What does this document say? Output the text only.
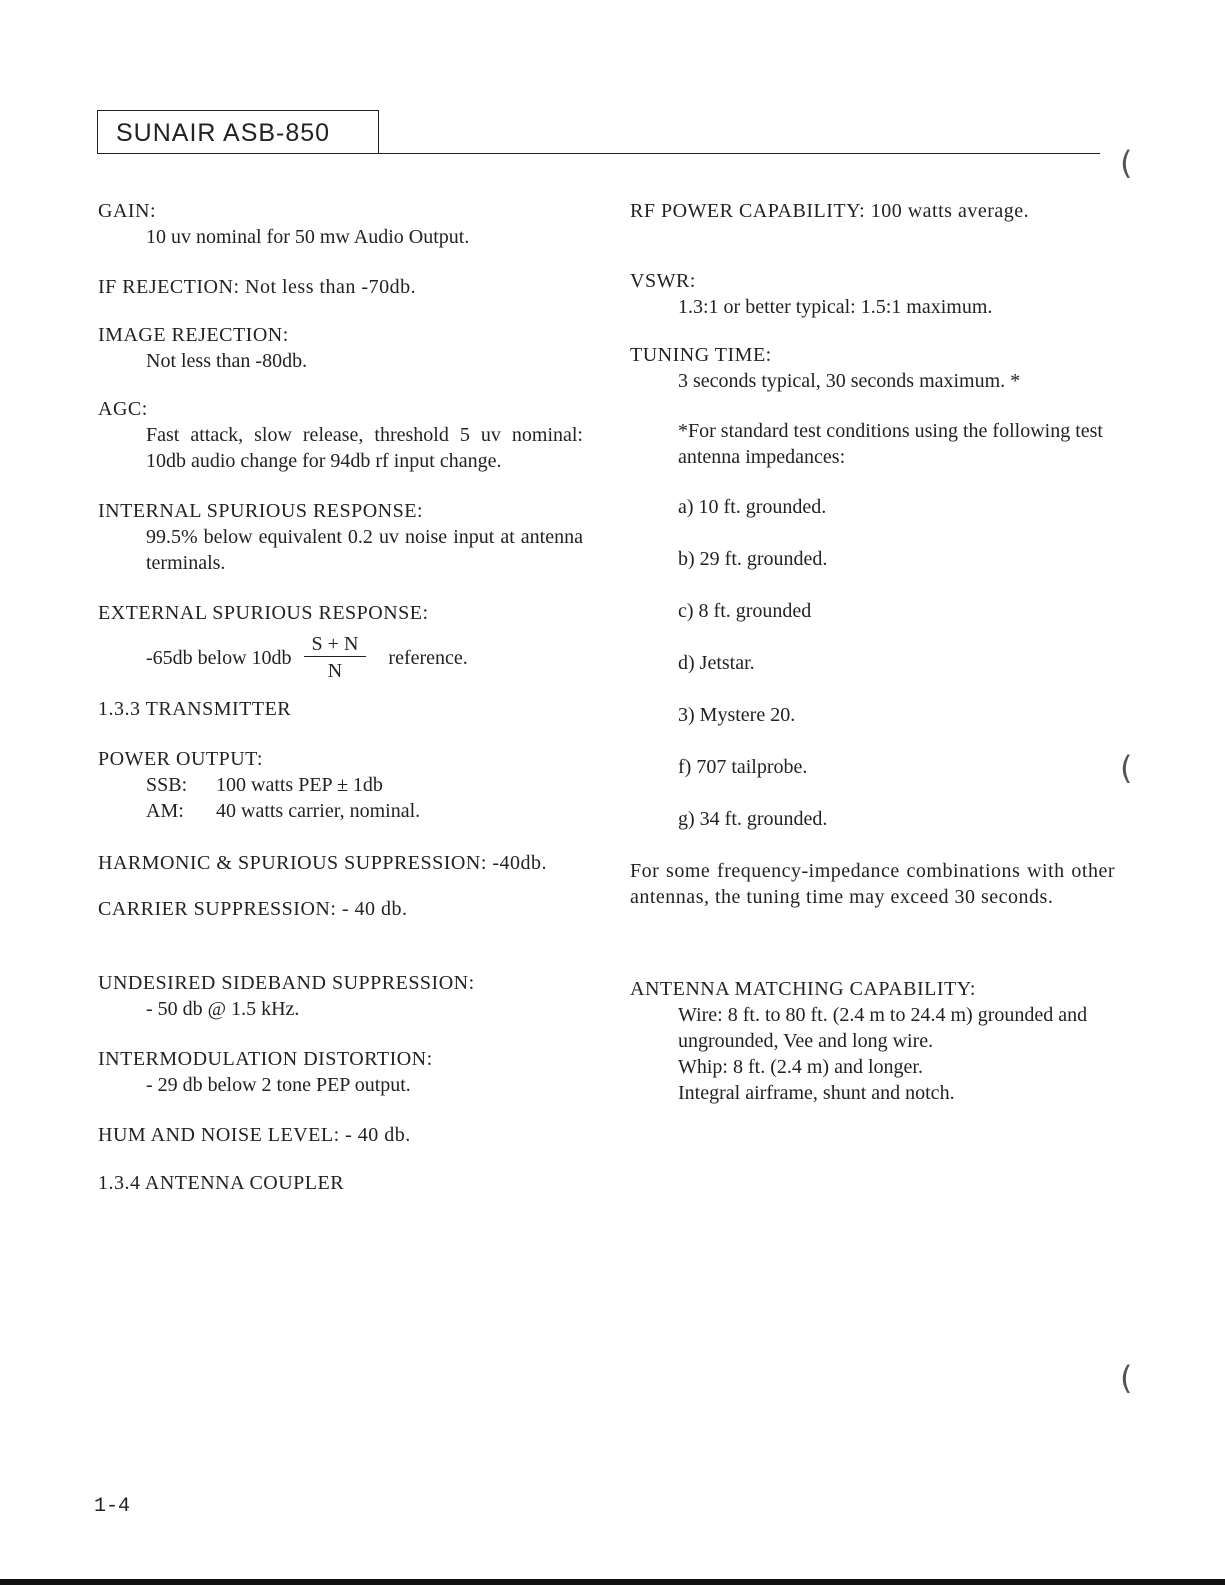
SUNAIR ASB-850

GAIN:

10 uv nominal for 50 mw Audio Output.

IF REJECTION: Not less than -70db.

IMAGE REJECTION:

Not less than -80db.

AGC:

Fast attack, slow release, threshold 5 uv nominal: 10db audio change for 94db rf input change.

INTERNAL SPURIOUS RESPONSE:

99.5% below equivalent 0.2 uv noise input at antenna terminals.

EXTERNAL SPURIOUS RESPONSE:

-65db below $10db \frac{S + N}{N}$ reference.

1.3.3 TRANSMITTER

POWER OUTPUT:

SSB:	100 watts PEP ± 1db
AM:	40 watts carrier, nominal.

HARMONIC & SPURIOUS SUPPRESSION: -40db.

CARRIER SUPPRESSION: - 40 db.

UNDESIRED SIDEBAND SUPPRESSION:

- 50 db @ 1.5 kHz.

INTERMODULATION DISTORTION:

- 29 db below 2 tone PEP output.

HUM AND NOISE LEVEL: - 40 db.

1.3.4 ANTENNA COUPLER

RF POWER CAPABILITY: 100 watts average.

VSWR:

1.3:1 or better typical: 1.5:1 maximum.

TUNING TIME:

3 seconds typical, 30 seconds maximum. *

*For standard test conditions using the following test antenna impedances:

a) 10 ft. grounded.

b) 29 ft. grounded.

c) 8 ft. grounded

d) Jetstar.

3) Mystere 20.

f) 707 tailprobe.

g) 34 ft. grounded.

For some frequency-impedance combinations with other antennas, the tuning time may exceed 30 seconds.

ANTENNA MATCHING CAPABILITY:

Wire: 8 ft. to 80 ft. (2.4 m to 24.4 m) grounded and ungrounded, Vee and long wire.

Whip: 8 ft. (2.4 m) and longer.

Integral airframe, shunt and notch.

1-4
(
(
(
